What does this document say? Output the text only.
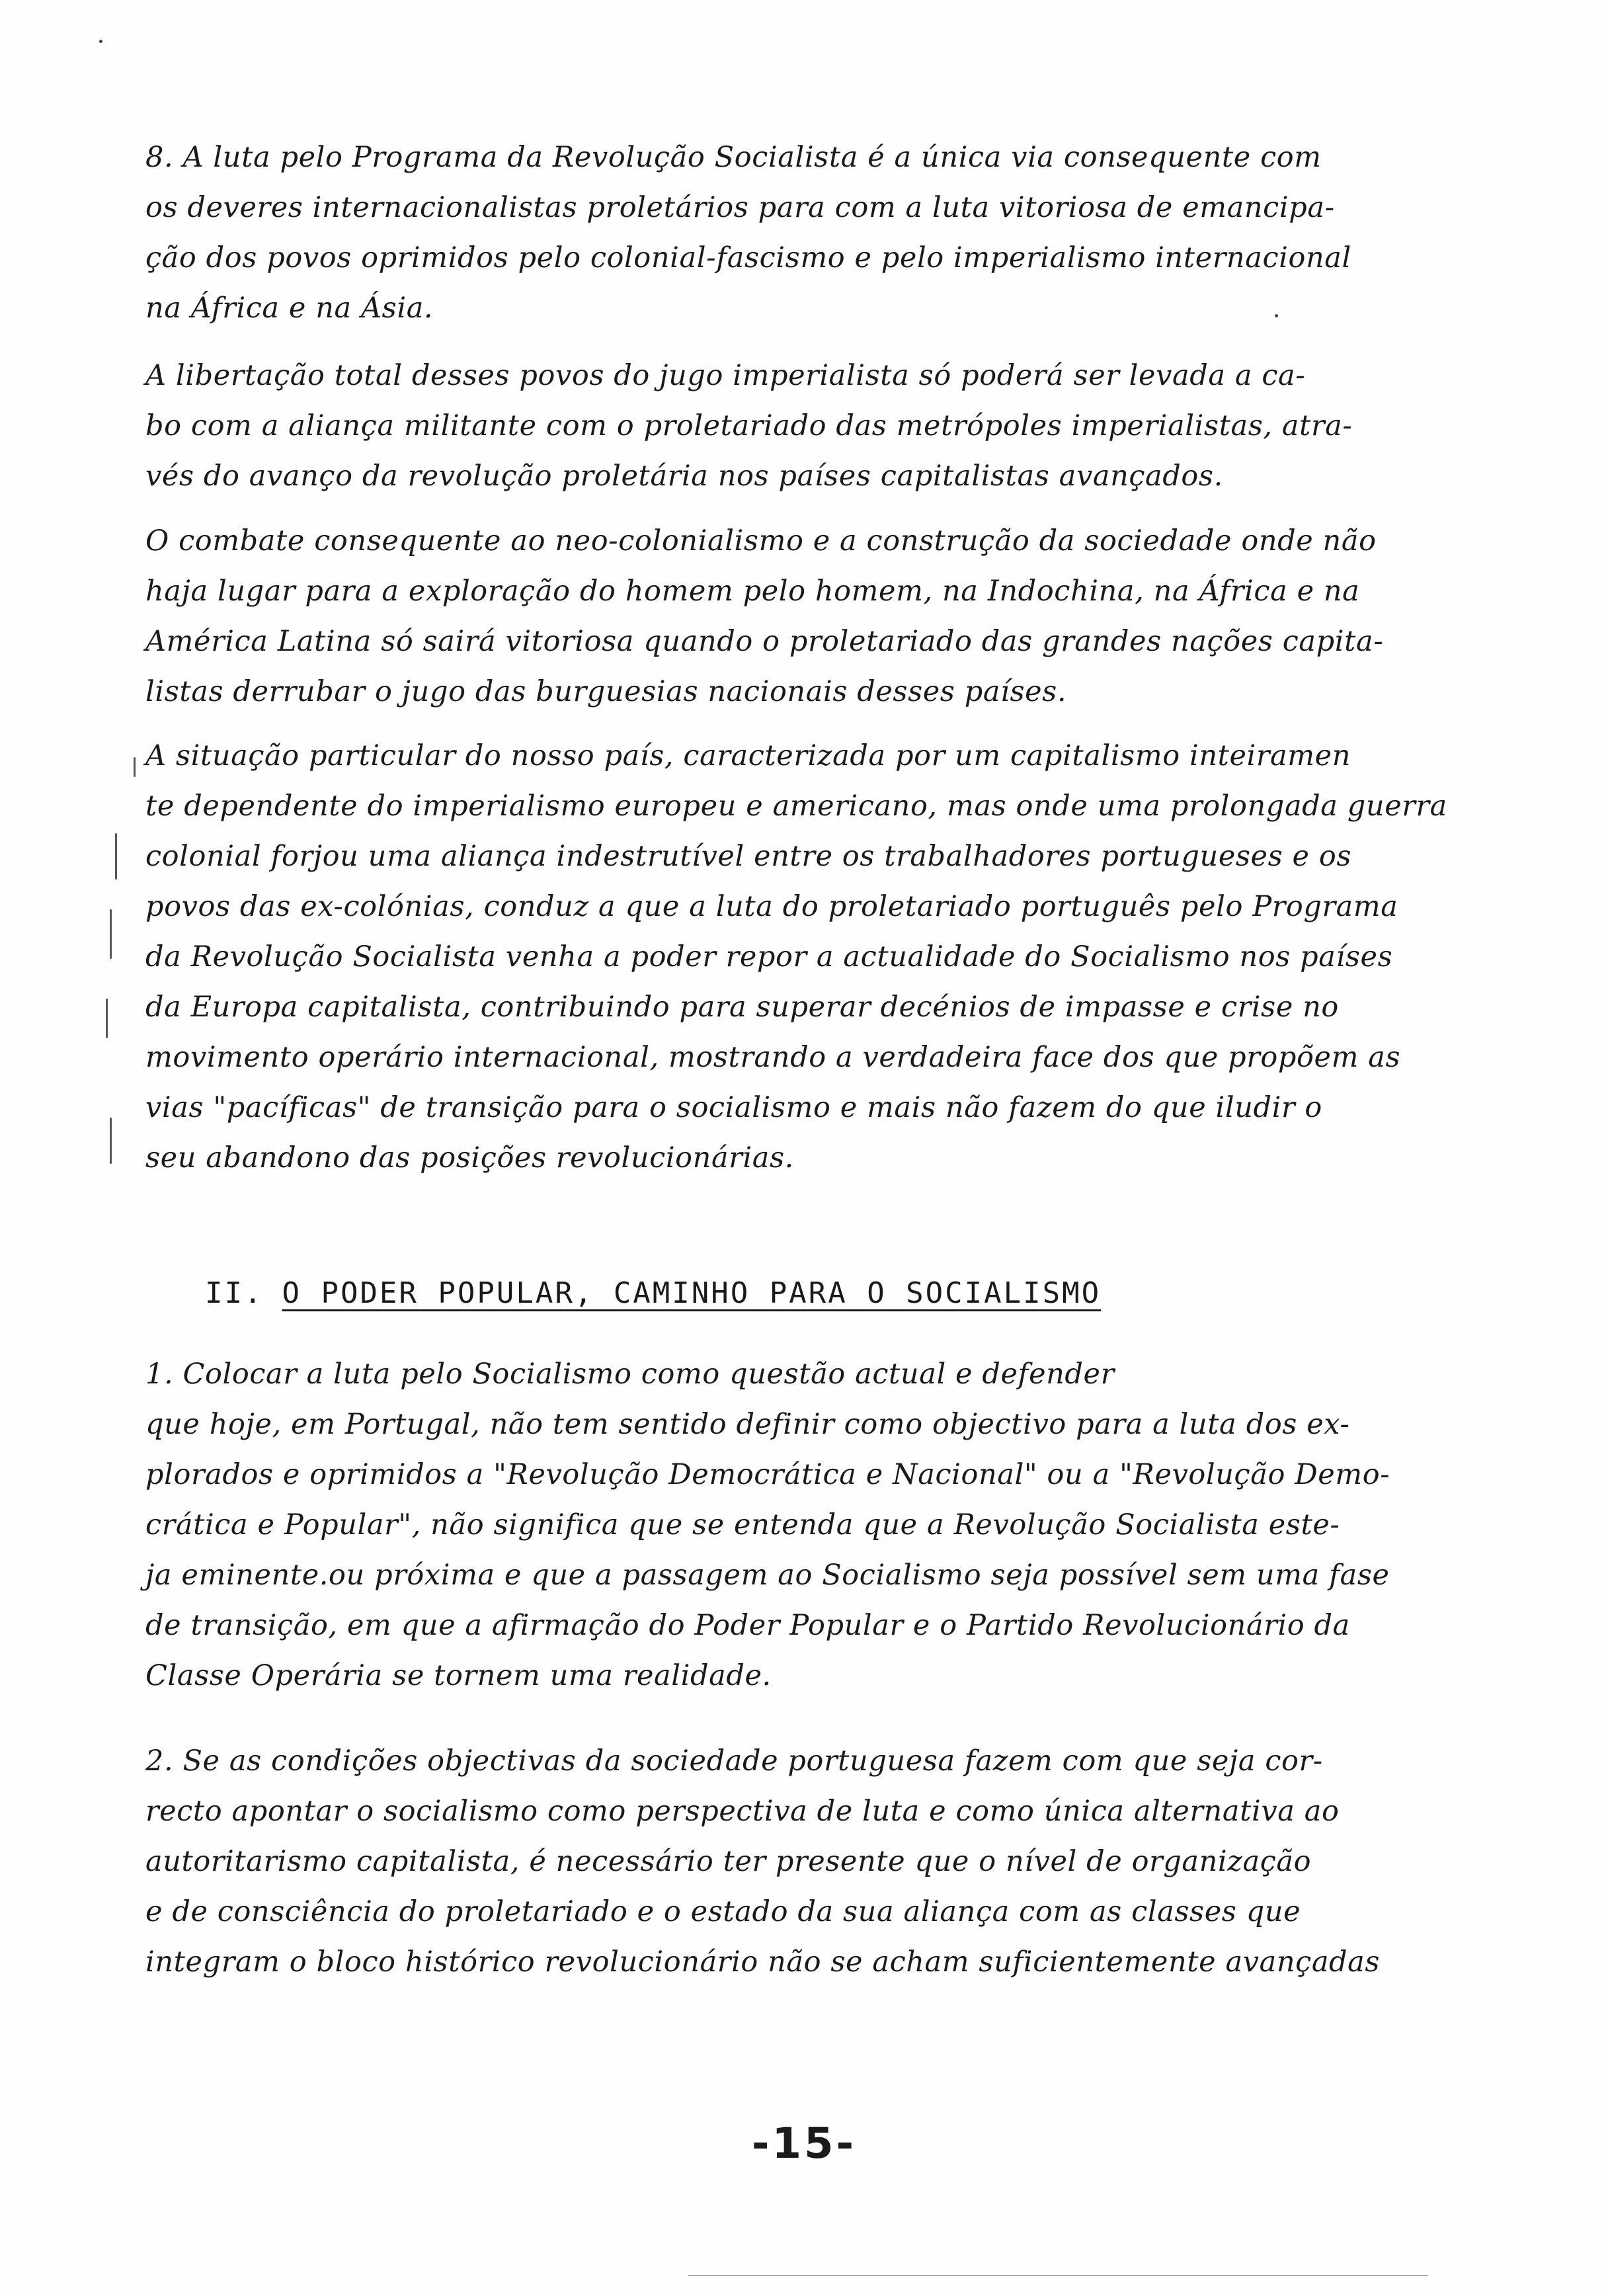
8. A luta pelo Programa da Revolução Socialista é a única via consequente com
os deveres internacionalistas proletários para com a luta vitoriosa de emancipa-
ção dos povos oprimidos pelo colonial-fascismo e pelo imperialismo internacional
na África e na Ásia.

A libertação total desses povos do jugo imperialista só poderá ser levada a ca-
bo com a aliança militante com o proletariado das metrópoles imperialistas, atra-
vés do avanço da revolução proletária nos países capitalistas avançados.

O combate consequente ao neo-colonialismo e a construção da sociedade onde não
haja lugar para a exploração do homem pelo homem, na Indochina, na África e na
América Latina só sairá vitoriosa quando o proletariado das grandes nações capita-
listas derrubar o jugo das burguesias nacionais desses países.

A situação particular do nosso país, caracterizada por um capitalismo inteiramen
te dependente do imperialismo europeu e americano, mas onde uma prolongada guerra
colonial forjou uma aliança indestrutível entre os trabalhadores portugueses e os
povos das ex-colónias, conduz a que a luta do proletariado português pelo Programa
da Revolução Socialista venha a poder repor a actualidade do Socialismo nos países
da Europa capitalista, contribuindo para superar decénios de impasse e crise no
movimento operário internacional, mostrando a verdadeira face dos que propõem as
vias "pacíficas" de transição para o socialismo e mais não fazem do que iludir o
seu abandono das posições revolucionárias.

II. O PODER POPULAR, CAMINHO PARA O SOCIALISMO

1. Colocar a luta pelo Socialismo como questão actual e defender
que hoje, em Portugal, não tem sentido definir como objectivo para a luta dos ex-
plorados e oprimidos a "Revolução Democrática e Nacional" ou a "Revolução Demo-
crática e Popular", não significa que se entenda que a Revolução Socialista este-
ja eminente.ou próxima e que a passagem ao Socialismo seja possível sem uma fase
de transição, em que a afirmação do Poder Popular e o Partido Revolucionário da
Classe Operária se tornem uma realidade.

2. Se as condições objectivas da sociedade portuguesa fazem com que seja cor-
recto apontar o socialismo como perspectiva de luta e como única alternativa ao
autoritarismo capitalista, é necessário ter presente que o nível de organização
e de consciência do proletariado e o estado da sua aliança com as classes que
integram o bloco histórico revolucionário não se acham suficientemente avançadas

-15-
